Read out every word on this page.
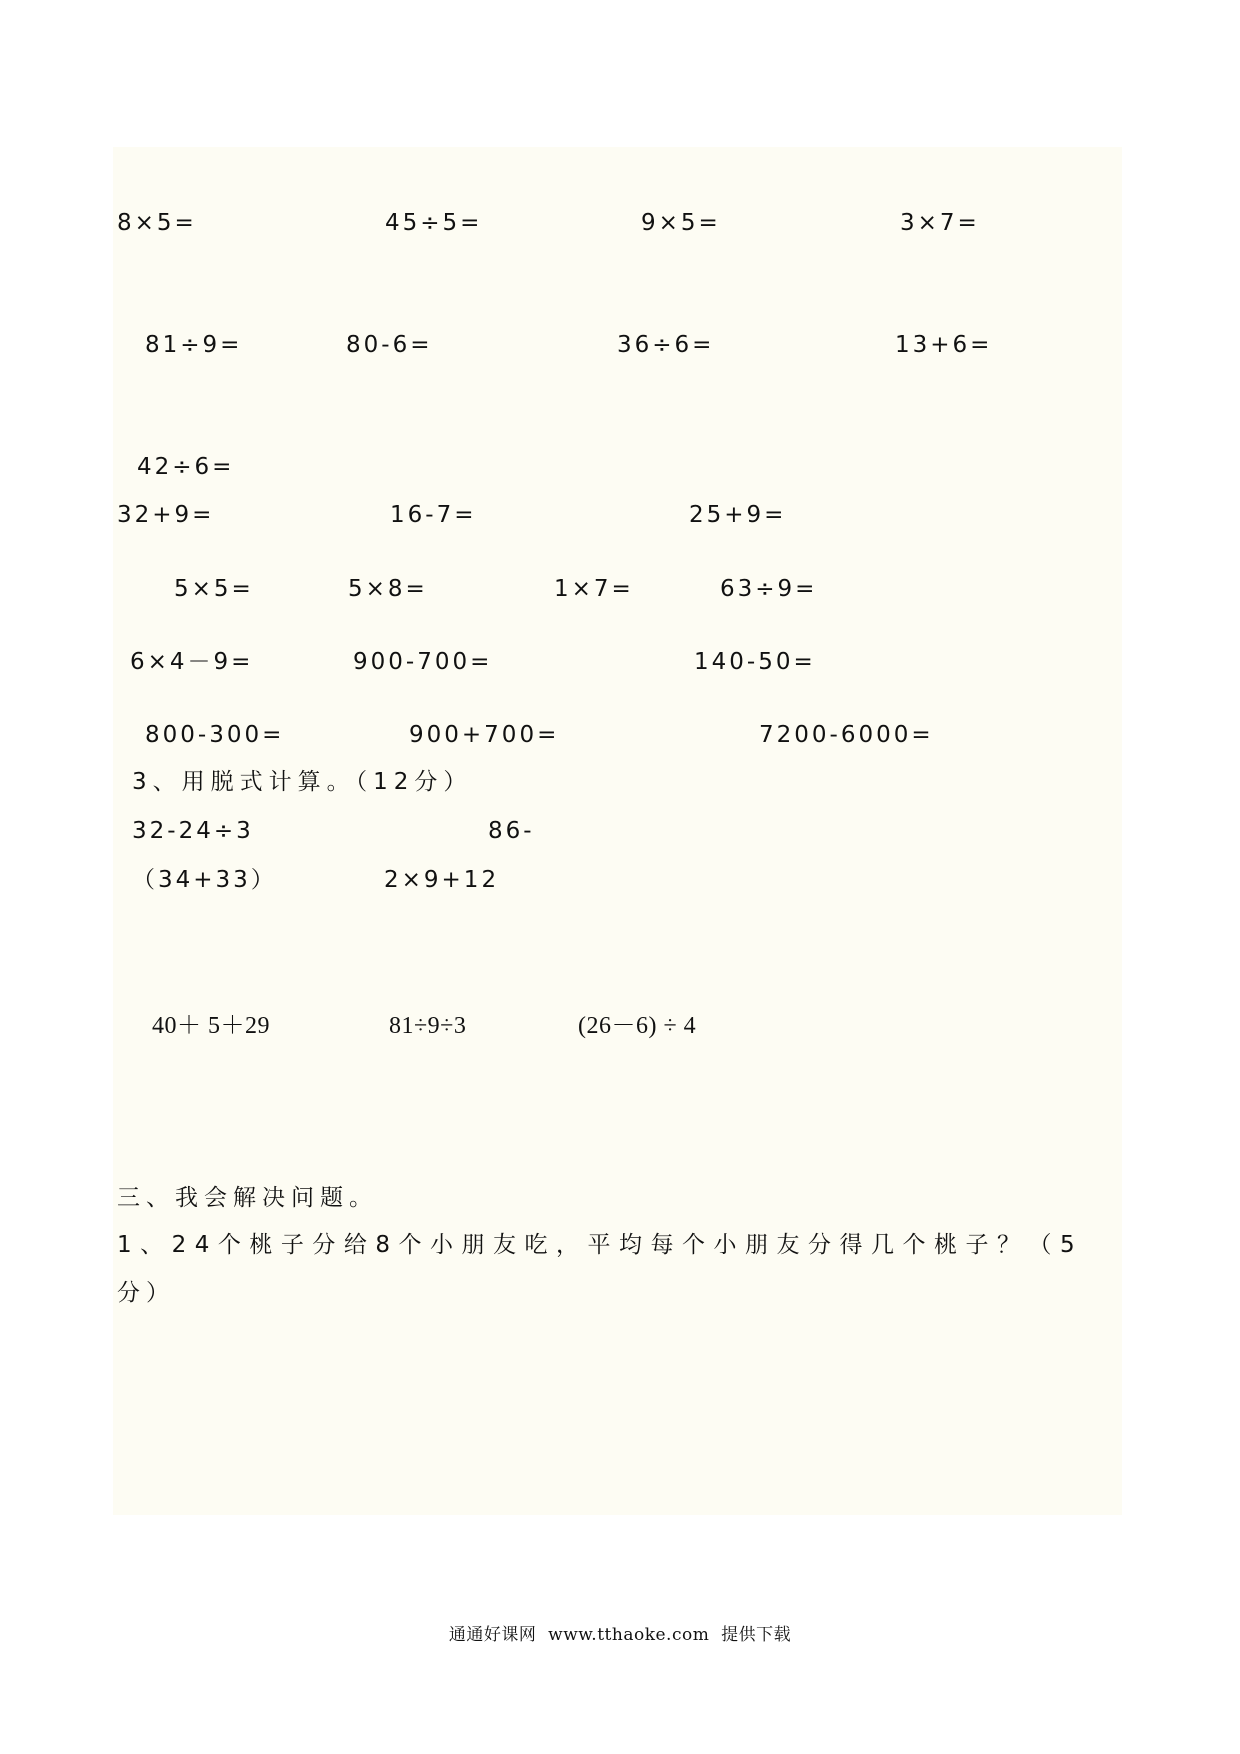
8×5=	45÷5=	9×5=	3×7=
81÷9=	80-6=	36÷6=	13+6=
42÷6=
32+9=	16-7=	25+9=
5×5=	5×8=	1×7=	63÷9=
6×4－9=	900-700=	140-50=
800-300=	900+700=	7200-6000=
3、用脱式计算。（12分）
32-24÷3	86-
（34+33）	2×9+12
40＋ 5＋29	81÷9÷3	(26－6) ÷ 4
三、我会解决问题。
1、24个桃子分给8个小朋友吃，平均每个小朋友分得几个桃子？（5
分）
通通好课网  www.tthaoke.com  提供下载
